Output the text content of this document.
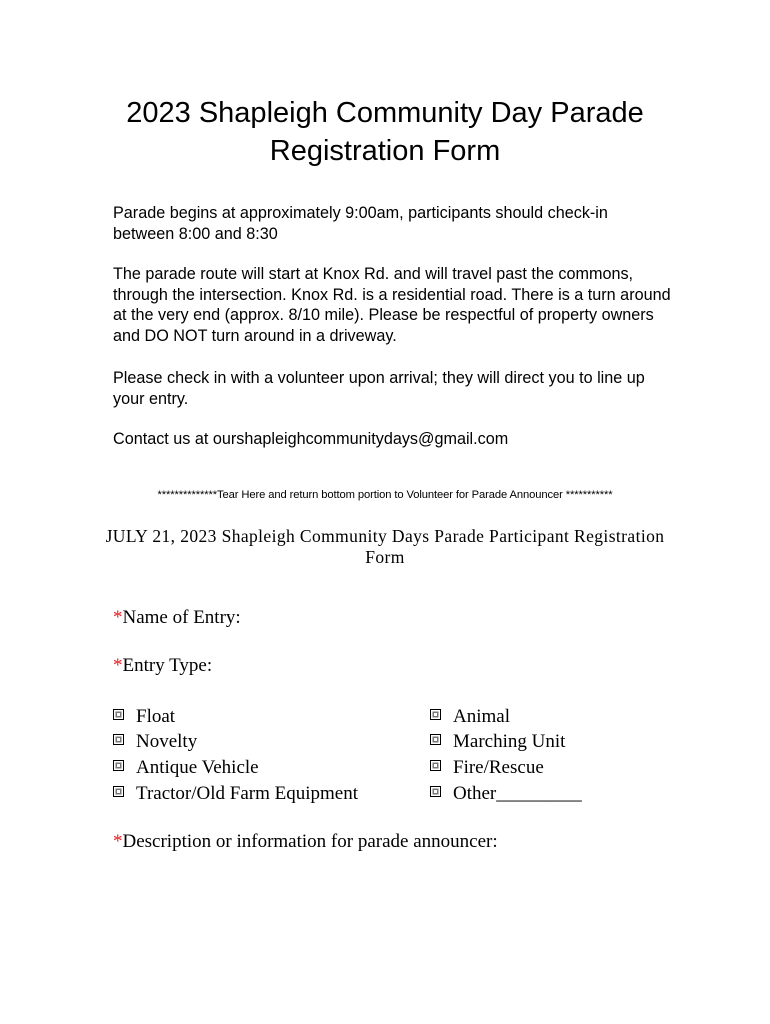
2023 Shapleigh Community Day Parade
Registration Form

Parade begins at approximately 9:00am, participants should check-in between 8:00 and 8:30

The parade route will start at Knox Rd. and will travel past the commons, through the intersection. Knox Rd. is a residential road. There is a turn around at the very end (approx. 8/10 mile). Please be respectful of property owners and DO NOT turn around in a driveway.

Please check in with a volunteer upon arrival; they will direct you to line up your entry.

Contact us at ourshapleighcommunitydays@gmail.com

**************Tear Here and return bottom portion to Volunteer for Parade Announcer ***********
JULY 21, 2023 Shapleigh Community Days Parade Participant Registration Form
*Name of Entry:
*Entry Type:
Float
Novelty
Antique Vehicle
Tractor/Old Farm Equipment
Animal
Marching Unit
Fire/Rescue
Other_________
*Description or information for parade announcer:
